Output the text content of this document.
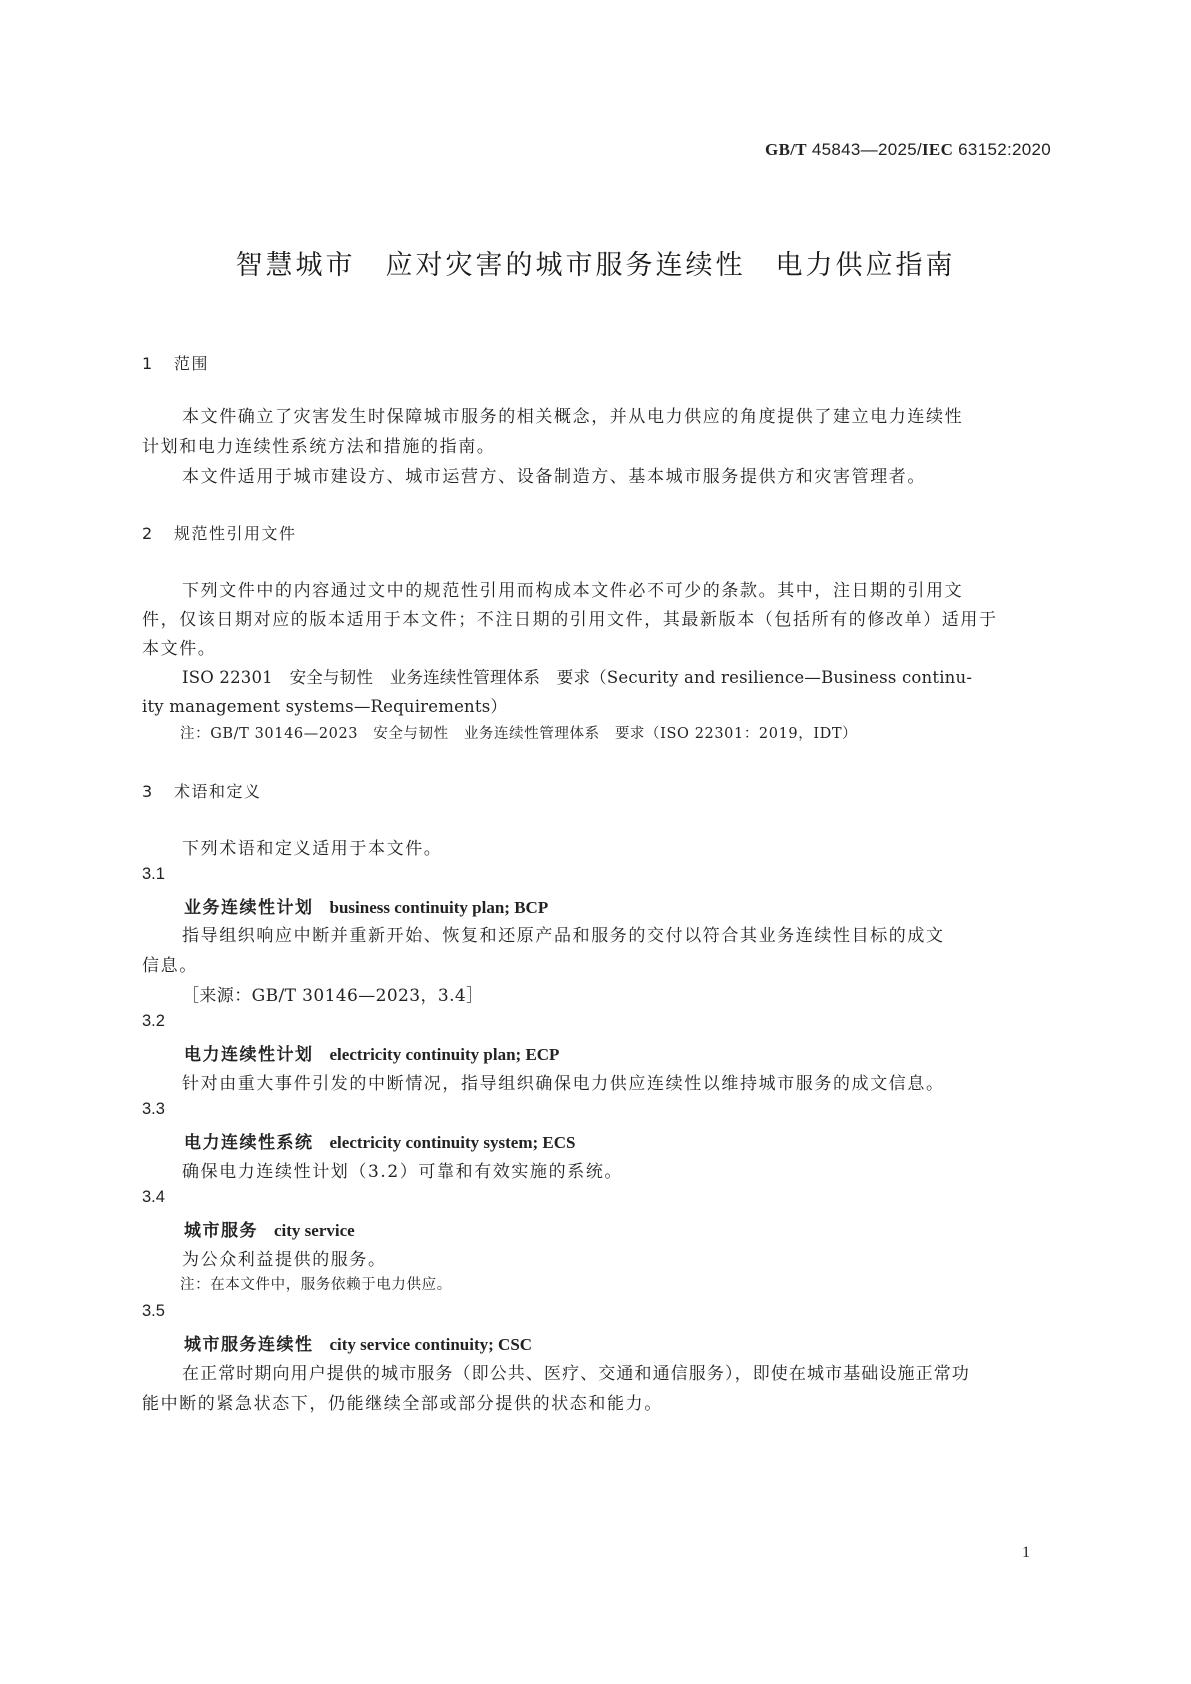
GB/T 45843—2025/IEC 63152:2020
智慧城市 应对灾害的城市服务连续性 电力供应指南
1 范围
本文件确立了灾害发生时保障城市服务的相关概念，并从电力供应的角度提供了建立电力连续性
计划和电力连续性系统方法和措施的指南。
本文件适用于城市建设方、城市运营方、设备制造方、基本城市服务提供方和灾害管理者。
2 规范性引用文件
下列文件中的内容通过文中的规范性引用而构成本文件必不可少的条款。其中，注日期的引用文
件，仅该日期对应的版本适用于本文件；不注日期的引用文件，其最新版本（包括所有的修改单）适用于
本文件。
ISO 22301　安全与韧性　业务连续性管理体系　要求（Security and resilience—Business continu-
ity management systems—Requirements）
注：GB/T 30146—2023　安全与韧性　业务连续性管理体系　要求（ISO 22301：2019，IDT）
3 术语和定义
下列术语和定义适用于本文件。
3.1
业务连续性计划 business continuity plan; BCP
指导组织响应中断并重新开始、恢复和还原产品和服务的交付以符合其业务连续性目标的成文
信息。
［来源：GB/T 30146—2023，3.4］
3.2
电力连续性计划 electricity continuity plan; ECP
针对由重大事件引发的中断情况，指导组织确保电力供应连续性以维持城市服务的成文信息。
3.3
电力连续性系统 electricity continuity system; ECS
确保电力连续性计划（3.2）可靠和有效实施的系统。
3.4
城市服务 city service
为公众利益提供的服务。
注：在本文件中，服务依赖于电力供应。
3.5
城市服务连续性 city service continuity; CSC
在正常时期向用户提供的城市服务（即公共、医疗、交通和通信服务），即使在城市基础设施正常功
能中断的紧急状态下，仍能继续全部或部分提供的状态和能力。
1
